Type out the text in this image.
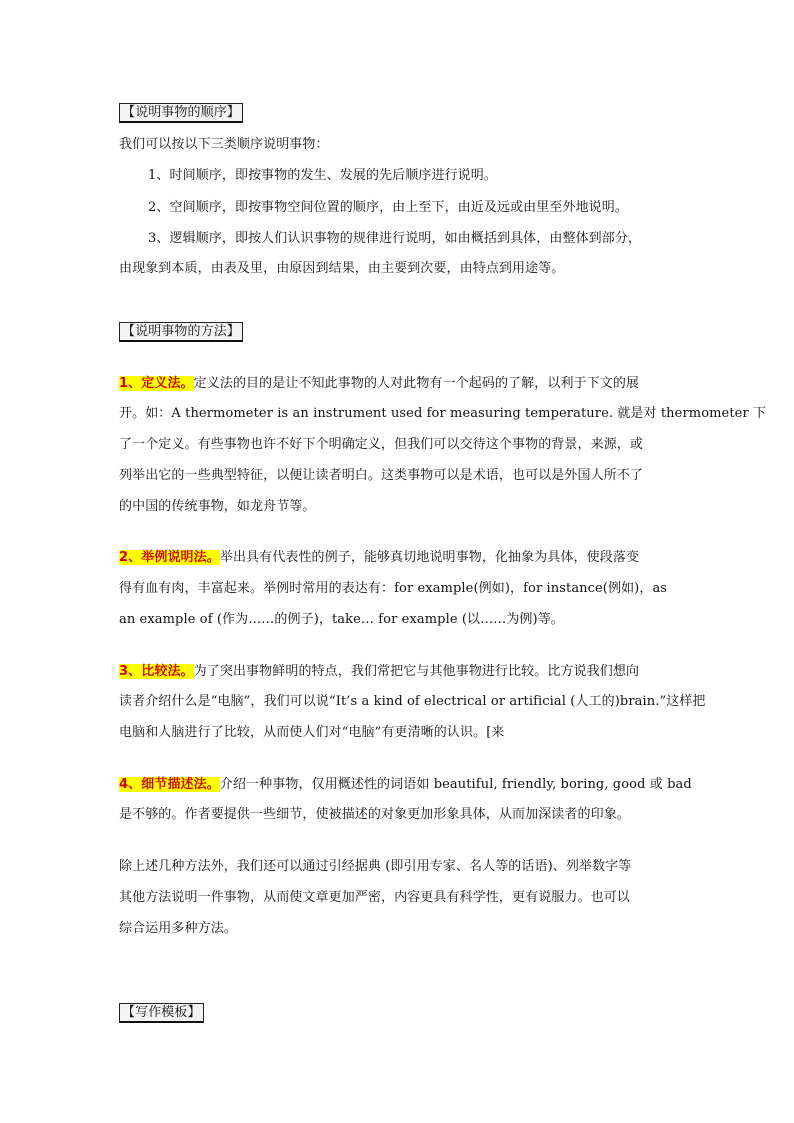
【说明事物的顺序】
我们可以按以下三类顺序说明事物：
1、时间顺序，即按事物的发生、发展的先后顺序进行说明。
2、空间顺序，即按事物空间位置的顺序，由上至下，由近及远或由里至外地说明。
3、逻辑顺序，即按人们认识事物的规律进行说明，如由概括到具体，由整体到部分，
由现象到本质，由表及里，由原因到结果，由主要到次要，由特点到用途等。
【说明事物的方法】
1、定义法。定义法的目的是让不知此事物的人对此物有一个起码的了解，以利于下文的展
开。如：A thermometer is an instrument used for measuring temperature. 就是对 thermometer 下
了一个定义。有些事物也许不好下个明确定义，但我们可以交待这个事物的背景，来源，或
列举出它的一些典型特征，以便让读者明白。这类事物可以是术语，也可以是外国人所不了
的中国的传统事物，如龙舟节等。
2、举例说明法。举出具有代表性的例子，能够真切地说明事物，化抽象为具体，使段落变
得有血有肉，丰富起来。举例时常用的表达有：for example(例如)，for instance(例如)，as
an example of (作为……的例子)，take… for example (以……为例)等。
3、比较法。为了突出事物鲜明的特点，我们常把它与其他事物进行比较。比方说我们想向
读者介绍什么是“电脑”，我们可以说“It’s a kind of electrical or artificial (人工的)brain.”这样把
电脑和人脑进行了比较，从而使人们对“电脑”有更清晰的认识。[来
4、细节描述法。介绍一种事物，仅用概述性的词语如 beautiful, friendly, boring, good 或 bad
是不够的。作者要提供一些细节，使被描述的对象更加形象具体，从而加深读者的印象。
除上述几种方法外，我们还可以通过引经据典 (即引用专家、名人等的话语)、列举数字等
其他方法说明一件事物，从而使文章更加严密，内容更具有科学性，更有说服力。也可以
综合运用多种方法。
【写作模板】
